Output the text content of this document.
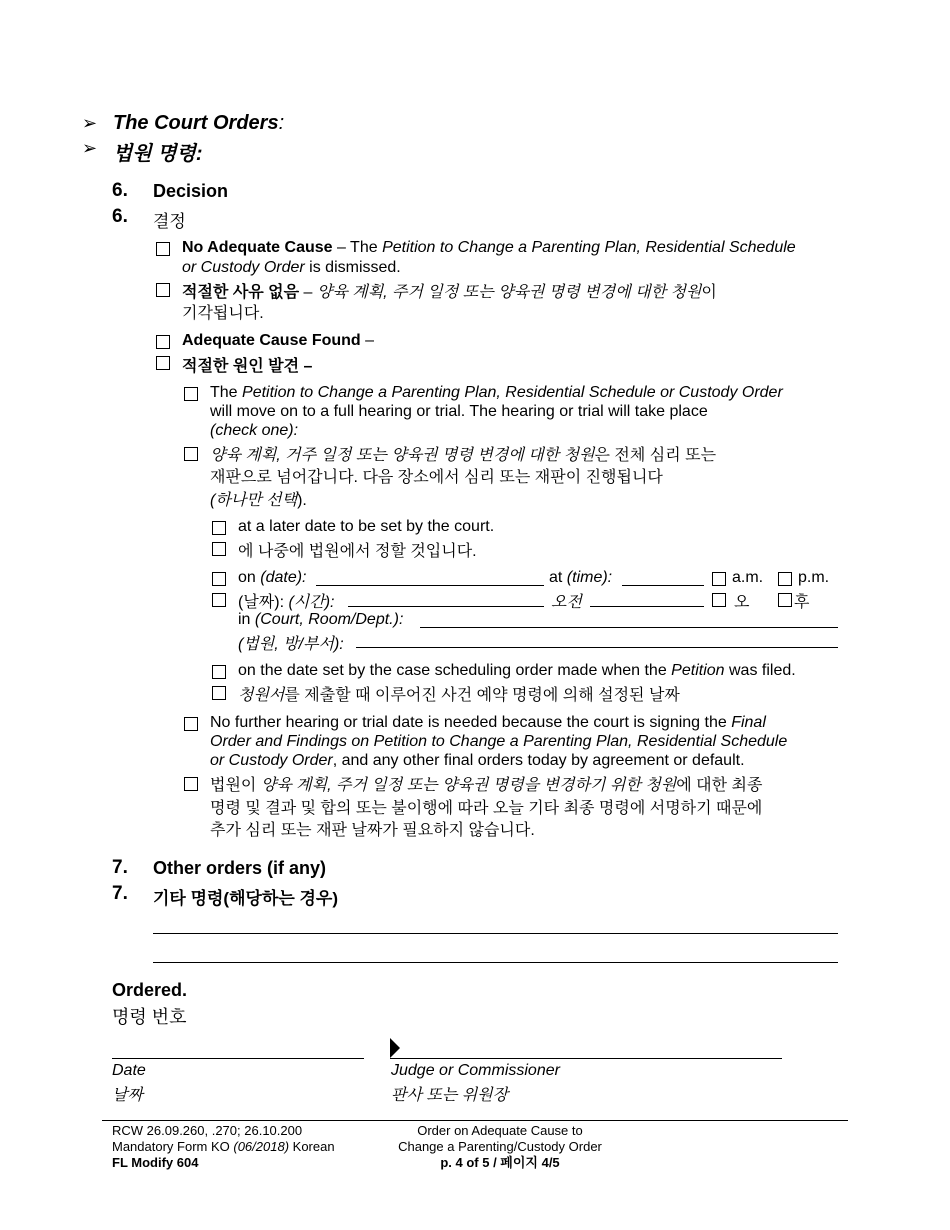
➢ The Court Orders:
➢ 법원 명령:
6. Decision
6. 결정
No Adequate Cause – The Petition to Change a Parenting Plan, Residential Schedule
or Custody Order is dismissed.
적절한 사유 없음 – 양육 계획, 주거 일정 또는 양육권 명령 변경에 대한 청원이
기각됩니다.
Adequate Cause Found –
적절한 원인 발견 –
The Petition to Change a Parenting Plan, Residential Schedule or Custody Order
will move on to a full hearing or trial. The hearing or trial will take place
(check one):
양육 계획, 거주 일정 또는 양육권 명령 변경에 대한 청원은 전체 심리 또는
재판으로 넘어갑니다. 다음 장소에서 심리 또는 재판이 진행됩니다
(하나만 선택).
at a later date to be set by the court.
에 나중에 법원에서 정할 것입니다.
on (date):	at (time):	a.m. p.m.
(날짜): (시간):	오전	오	후
in (Court, Room/Dept.):
(법원, 방/부서):
on the date set by the case scheduling order made when the Petition was filed.
청원서를 제출할 때 이루어진 사건 예약 명령에 의해 설정된 날짜
No further hearing or trial date is needed because the court is signing the Final
Order and Findings on Petition to Change a Parenting Plan, Residential Schedule
or Custody Order, and any other final orders today by agreement or default.
법원이 양육 계획, 주거 일정 또는 양육권 명령을 변경하기 위한 청원에 대한 최종
명령 및 결과 및 합의 또는 불이행에 따라 오늘 기타 최종 명령에 서명하기 때문에
추가 심리 또는 재판 날짜가 필요하지 않습니다.
7. Other orders (if any)
7. 기타 명령(해당하는 경우)
Ordered.
명령 번호
Date
날짜
Judge or Commissioner
판사 또는 위원장
RCW 26.09.260, .270; 26.10.200
Mandatory Form KO (06/2018) Korean
FL Modify 604
Order on Adequate Cause to
Change a Parenting/Custody Order
p. 4 of 5 / 페이지 4/5
